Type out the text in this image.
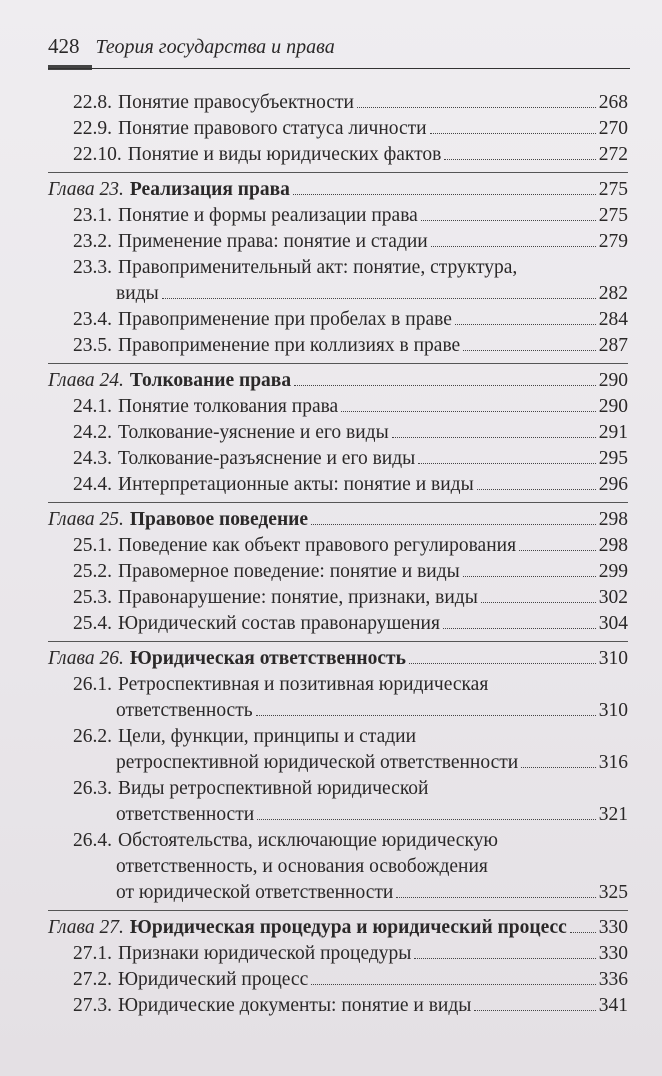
428 Теория государства и права
22.8. Понятие правосубъектности	268
22.9. Понятие правового статуса личности	270
22.10. Понятие и виды юридических фактов	272
Глава 23. Реализация права	275
23.1. Понятие и формы реализации права	275
23.2. Применение права: понятие и стадии	279
23.3. Правоприменительный акт: понятие, структура,
виды	282
23.4. Правоприменение при пробелах в праве	284
23.5. Правоприменение при коллизиях в праве	287
Глава 24. Толкование права	290
24.1. Понятие толкования права	290
24.2. Толкование-уяснение и его виды	291
24.3. Толкование-разъяснение и его виды	295
24.4. Интерпретационные акты: понятие и виды	296
Глава 25. Правовое поведение	298
25.1. Поведение как объект правового регулирования	298
25.2. Правомерное поведение: понятие и виды	299
25.3. Правонарушение: понятие, признаки, виды	302
25.4. Юридический состав правонарушения	304
Глава 26. Юридическая ответственность	310
26.1. Ретроспективная и позитивная юридическая
ответственность	310
26.2. Цели, функции, принципы и стадии
ретроспективной юридической ответственности	316
26.3. Виды ретроспективной юридической
ответственности	321
26.4. Обстоятельства, исключающие юридическую
ответственность, и основания освобождения
от юридической ответственности	325
Глава 27. Юридическая процедура и юридический процесс 330
27.1. Признаки юридической процедуры	330
27.2. Юридический процесс	336
27.3. Юридические документы: понятие и виды	341
